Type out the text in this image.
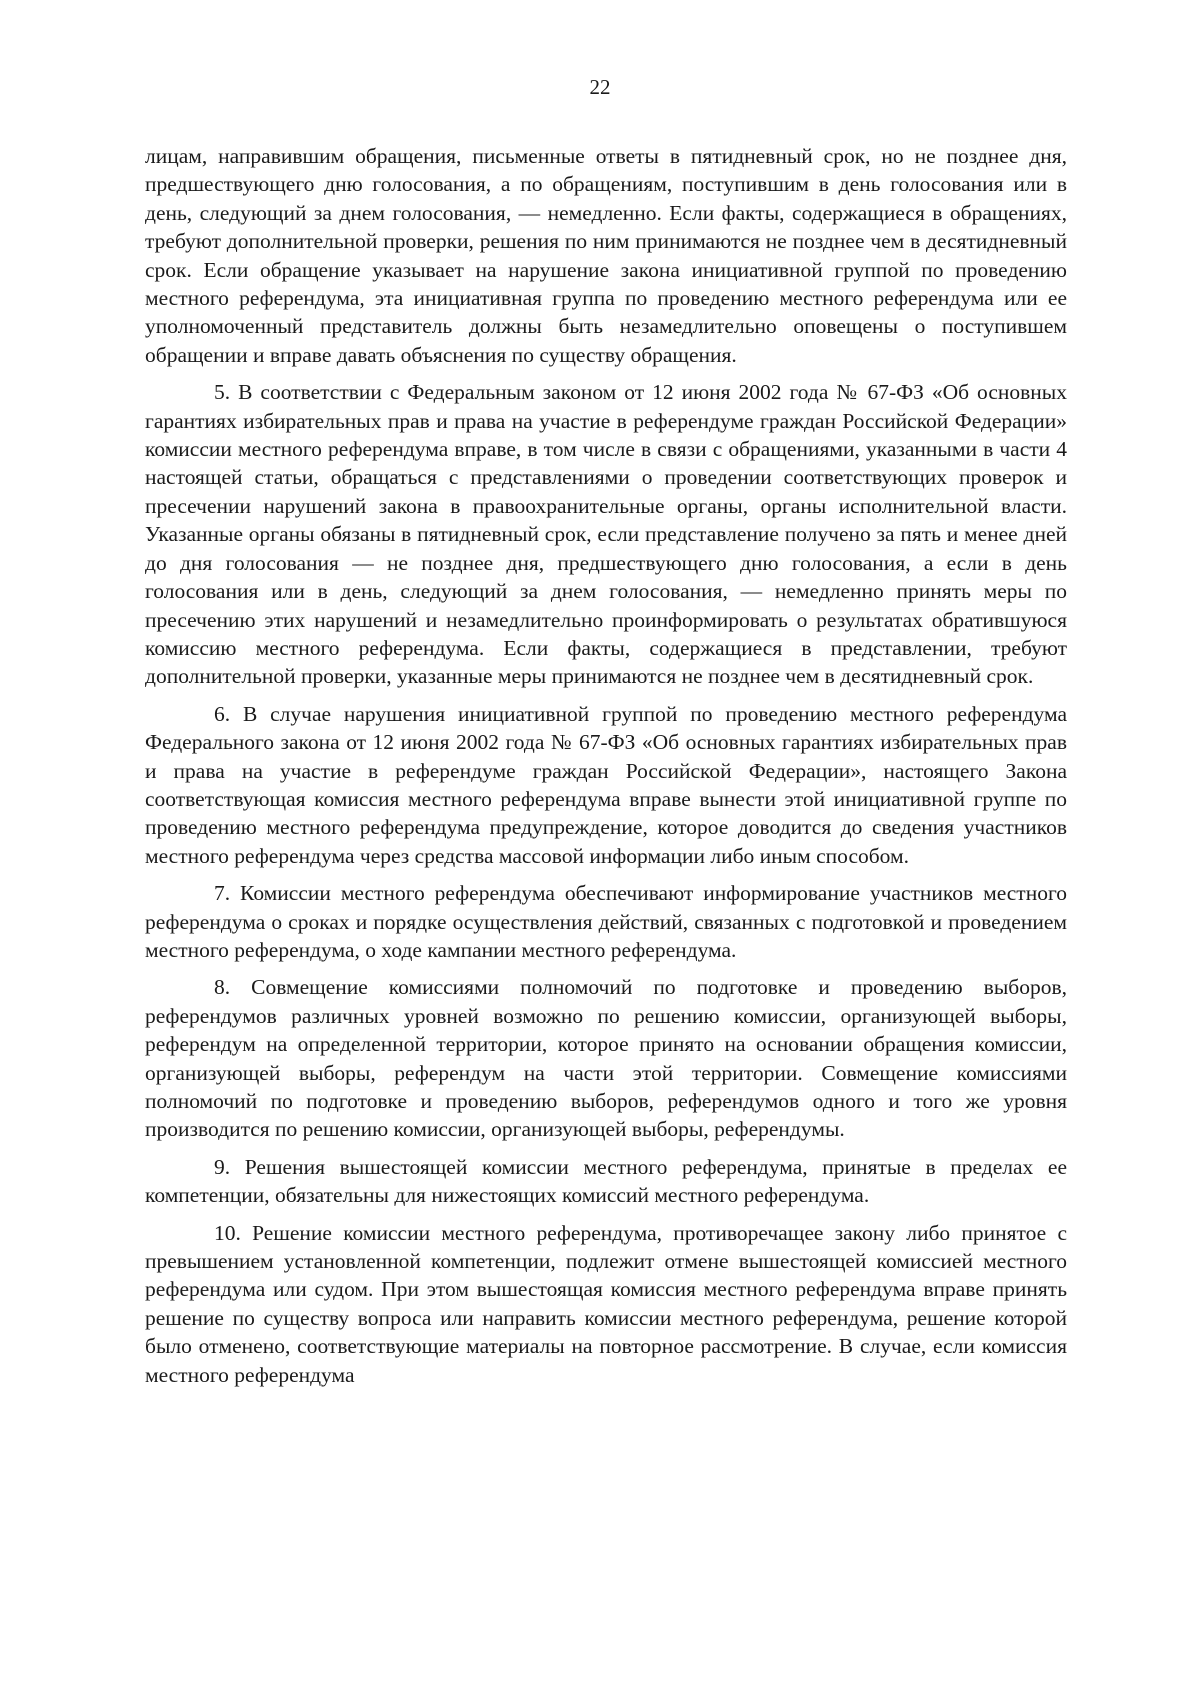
22

лицам, направившим обращения, письменные ответы в пятидневный срок, но не позднее дня, предшествующего дню голосования, а по обращениям, поступившим в день голосования или в день, следующий за днем голосования, — немедленно. Если факты, содержащиеся в обращениях, требуют дополнительной проверки, решения по ним принимаются не позднее чем в десятидневный срок. Если обращение указывает на нарушение закона инициативной группой по проведению местного референдума, эта инициативная группа по проведению местного референдума или ее уполномоченный представитель должны быть незамедлительно оповещены о поступившем обращении и вправе давать объяснения по существу обращения.

5. В соответствии с Федеральным законом от 12 июня 2002 года № 67-ФЗ «Об основных гарантиях избирательных прав и права на участие в референдуме граждан Российской Федерации» комиссии местного референдума вправе, в том числе в связи с обращениями, указанными в части 4 настоящей статьи, обращаться с представлениями о проведении соответствующих проверок и пресечении нарушений закона в правоохранительные органы, органы исполнительной власти. Указанные органы обязаны в пятидневный срок, если представление получено за пять и менее дней до дня голосования — не позднее дня, предшествующего дню голосования, а если в день голосования или в день, следующий за днем голосования, — немедленно принять меры по пресечению этих нарушений и незамедлительно проинформировать о результатах обратившуюся комиссию местного референдума. Если факты, содержащиеся в представлении, требуют дополнительной проверки, указанные меры принимаются не позднее чем в десятидневный срок.

6. В случае нарушения инициативной группой по проведению местного референдума Федерального закона от 12 июня 2002 года № 67-ФЗ «Об основных гарантиях избирательных прав и права на участие в референдуме граждан Российской Федерации», настоящего Закона соответствующая комиссия местного референдума вправе вынести этой инициативной группе по проведению местного референдума предупреждение, которое доводится до сведения участников местного референдума через средства массовой информации либо иным способом.

7. Комиссии местного референдума обеспечивают информирование участников местного референдума о сроках и порядке осуществления действий, связанных с подготовкой и проведением местного референдума, о ходе кампании местного референдума.

8. Совмещение комиссиями полномочий по подготовке и проведению выборов, референдумов различных уровней возможно по решению комиссии, организующей выборы, референдум на определенной территории, которое принято на основании обращения комиссии, организующей выборы, референдум на части этой территории. Совмещение комиссиями полномочий по подготовке и проведению выборов, референдумов одного и того же уровня производится по решению комиссии, организующей выборы, референдумы.

9. Решения вышестоящей комиссии местного референдума, принятые в пределах ее компетенции, обязательны для нижестоящих комиссий местного референдума.

10. Решение комиссии местного референдума, противоречащее закону либо принятое с превышением установленной компетенции, подлежит отмене вышестоящей комиссией местного референдума или судом. При этом вышестоящая комиссия местного референдума вправе принять решение по существу вопроса или направить комиссии местного референдума, решение которой было отменено, соответствующие материалы на повторное рассмотрение. В случае, если комиссия местного референдума
